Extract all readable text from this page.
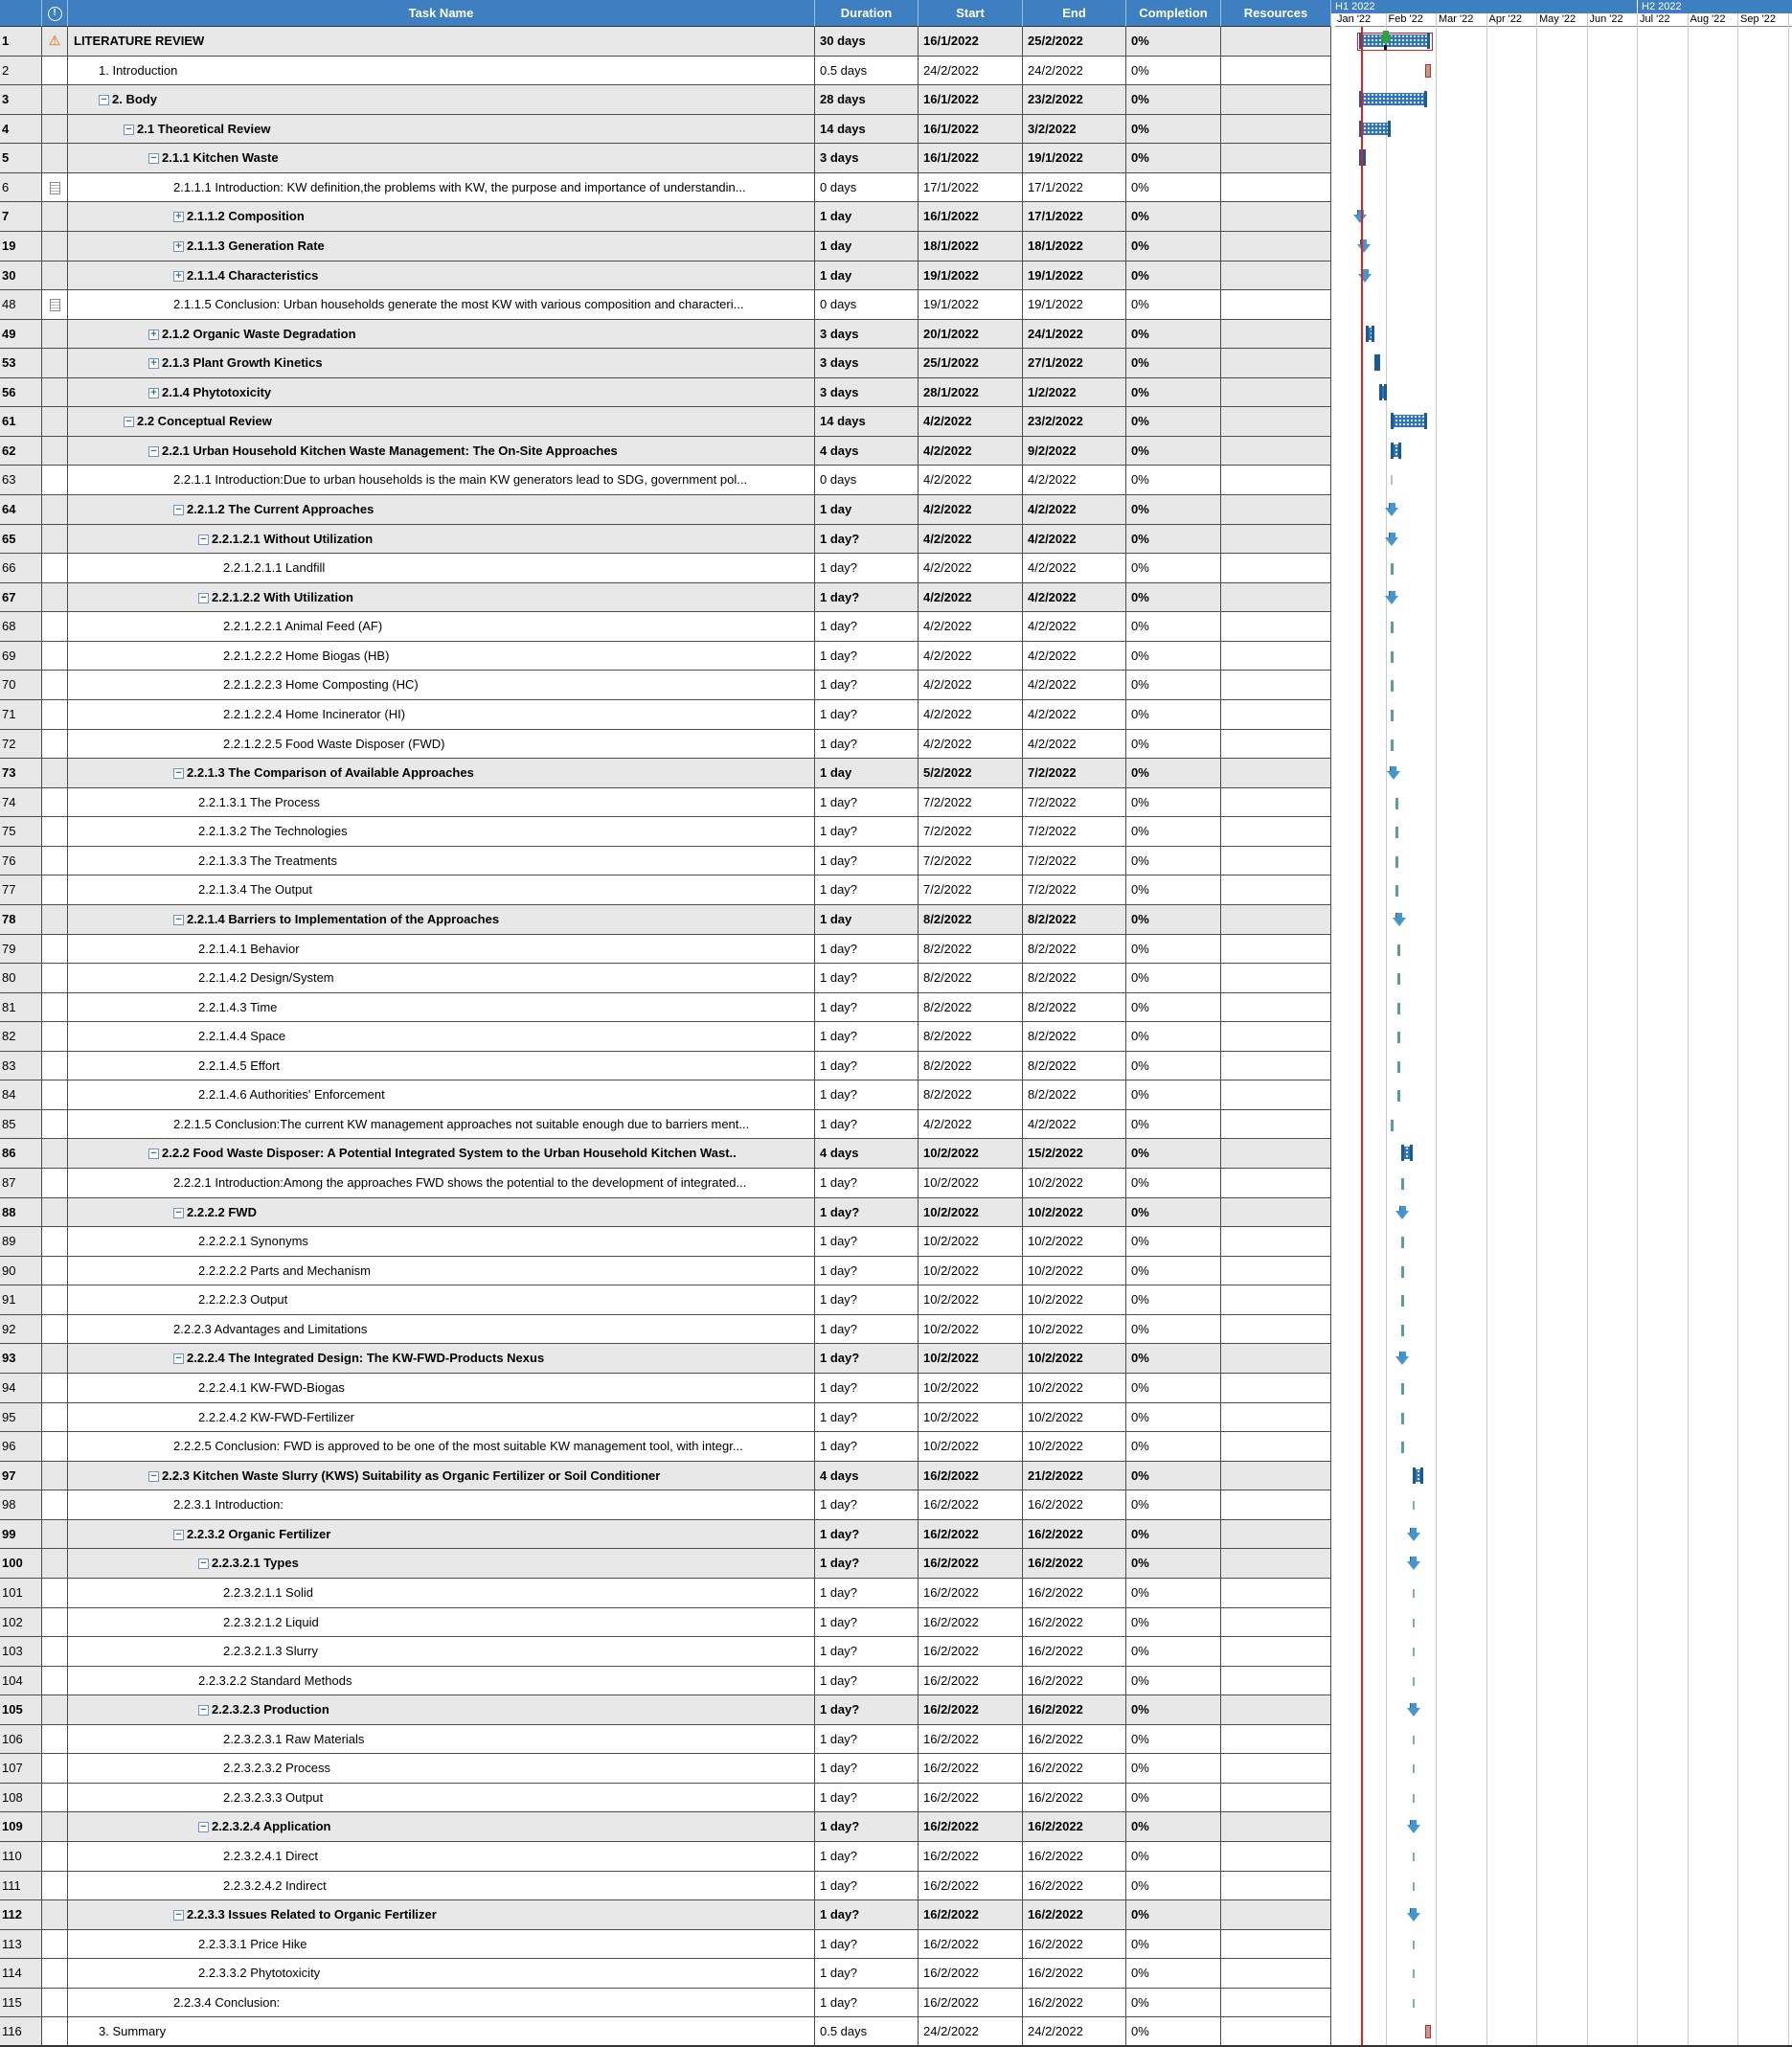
!	Task Name	Duration	Start	End	Completion	Resources	H1 2022	H2 2022
Jan '22	Feb '22	Mar '22	Apr '22	May '22	Jun '22	Jul '22	Aug '22	Sep '22
1	⚠	LITERATURE REVIEW	30 days	16/1/2022	25/2/2022	0%
2	1. Introduction	0.5 days	24/2/2022	24/2/2022	0%
3	− 2. Body	28 days	16/1/2022	23/2/2022	0%
4	− 2.1 Theoretical Review	14 days	16/1/2022	3/2/2022	0%
5	− 2.1.1 Kitchen Waste	3 days	16/1/2022	19/1/2022	0%
6	2.1.1.1 Introduction: KW definition,the problems with KW, the purpose and importance of understandin...	0 days	17/1/2022	17/1/2022	0%
7	+ 2.1.1.2 Composition	1 day	16/1/2022	17/1/2022	0%
19	+ 2.1.1.3 Generation Rate	1 day	18/1/2022	18/1/2022	0%
30	+ 2.1.1.4 Characteristics	1 day	19/1/2022	19/1/2022	0%
48	2.1.1.5 Conclusion: Urban households generate the most KW with various composition and characteri...	0 days	19/1/2022	19/1/2022	0%
49	+ 2.1.2 Organic Waste Degradation	3 days	20/1/2022	24/1/2022	0%
53	+ 2.1.3 Plant Growth Kinetics	3 days	25/1/2022	27/1/2022	0%
56	+ 2.1.4 Phytotoxicity	3 days	28/1/2022	1/2/2022	0%
61	− 2.2 Conceptual Review	14 days	4/2/2022	23/2/2022	0%
62	− 2.2.1 Urban Household Kitchen Waste Management: The On-Site Approaches	4 days	4/2/2022	9/2/2022	0%
63	2.2.1.1 Introduction:Due to urban households is the main KW generators lead to SDG, government pol...	0 days	4/2/2022	4/2/2022	0%
64	− 2.2.1.2 The Current Approaches	1 day	4/2/2022	4/2/2022	0%
65	− 2.2.1.2.1 Without Utilization	1 day?	4/2/2022	4/2/2022	0%
66	2.2.1.2.1.1 Landfill	1 day?	4/2/2022	4/2/2022	0%
67	− 2.2.1.2.2 With Utilization	1 day?	4/2/2022	4/2/2022	0%
68	2.2.1.2.2.1 Animal Feed (AF)	1 day?	4/2/2022	4/2/2022	0%
69	2.2.1.2.2.2 Home Biogas (HB)	1 day?	4/2/2022	4/2/2022	0%
70	2.2.1.2.2.3 Home Composting (HC)	1 day?	4/2/2022	4/2/2022	0%
71	2.2.1.2.2.4 Home Incinerator (HI)	1 day?	4/2/2022	4/2/2022	0%
72	2.2.1.2.2.5 Food Waste Disposer (FWD)	1 day?	4/2/2022	4/2/2022	0%
73	− 2.2.1.3 The Comparison of Available Approaches	1 day	5/2/2022	7/2/2022	0%
74	2.2.1.3.1 The Process	1 day?	7/2/2022	7/2/2022	0%
75	2.2.1.3.2 The Technologies	1 day?	7/2/2022	7/2/2022	0%
76	2.2.1.3.3 The Treatments	1 day?	7/2/2022	7/2/2022	0%
77	2.2.1.3.4 The Output	1 day?	7/2/2022	7/2/2022	0%
78	− 2.2.1.4 Barriers to Implementation of the Approaches	1 day	8/2/2022	8/2/2022	0%
79	2.2.1.4.1 Behavior	1 day?	8/2/2022	8/2/2022	0%
80	2.2.1.4.2 Design/System	1 day?	8/2/2022	8/2/2022	0%
81	2.2.1.4.3 Time	1 day?	8/2/2022	8/2/2022	0%
82	2.2.1.4.4 Space	1 day?	8/2/2022	8/2/2022	0%
83	2.2.1.4.5 Effort	1 day?	8/2/2022	8/2/2022	0%
84	2.2.1.4.6 Authorities' Enforcement	1 day?	8/2/2022	8/2/2022	0%
85	2.2.1.5 Conclusion:The current KW management approaches not suitable enough due to barriers ment...	1 day?	4/2/2022	4/2/2022	0%
86	− 2.2.2 Food Waste Disposer: A Potential Integrated System to the Urban Household Kitchen Wast..	4 days	10/2/2022	15/2/2022	0%
87	2.2.2.1 Introduction:Among the approaches FWD shows the potential to the development of integrated...	1 day?	10/2/2022	10/2/2022	0%
88	− 2.2.2.2 FWD	1 day?	10/2/2022	10/2/2022	0%
89	2.2.2.2.1 Synonyms	1 day?	10/2/2022	10/2/2022	0%
90	2.2.2.2.2 Parts and Mechanism	1 day?	10/2/2022	10/2/2022	0%
91	2.2.2.2.3 Output	1 day?	10/2/2022	10/2/2022	0%
92	2.2.2.3 Advantages and Limitations	1 day?	10/2/2022	10/2/2022	0%
93	− 2.2.2.4 The Integrated Design: The KW-FWD-Products Nexus	1 day?	10/2/2022	10/2/2022	0%
94	2.2.2.4.1 KW-FWD-Biogas	1 day?	10/2/2022	10/2/2022	0%
95	2.2.2.4.2 KW-FWD-Fertilizer	1 day?	10/2/2022	10/2/2022	0%
96	2.2.2.5 Conclusion: FWD is approved to be one of the most suitable KW management tool, with integr...	1 day?	10/2/2022	10/2/2022	0%
97	− 2.2.3 Kitchen Waste Slurry (KWS) Suitability as Organic Fertilizer or Soil Conditioner	4 days	16/2/2022	21/2/2022	0%
98	2.2.3.1 Introduction:	1 day?	16/2/2022	16/2/2022	0%
99	− 2.2.3.2 Organic Fertilizer	1 day?	16/2/2022	16/2/2022	0%
100	− 2.2.3.2.1 Types	1 day?	16/2/2022	16/2/2022	0%
101	2.2.3.2.1.1 Solid	1 day?	16/2/2022	16/2/2022	0%
102	2.2.3.2.1.2 Liquid	1 day?	16/2/2022	16/2/2022	0%
103	2.2.3.2.1.3 Slurry	1 day?	16/2/2022	16/2/2022	0%
104	2.2.3.2.2 Standard Methods	1 day?	16/2/2022	16/2/2022	0%
105	− 2.2.3.2.3 Production	1 day?	16/2/2022	16/2/2022	0%
106	2.2.3.2.3.1 Raw Materials	1 day?	16/2/2022	16/2/2022	0%
107	2.2.3.2.3.2 Process	1 day?	16/2/2022	16/2/2022	0%
108	2.2.3.2.3.3 Output	1 day?	16/2/2022	16/2/2022	0%
109	− 2.2.3.2.4 Application	1 day?	16/2/2022	16/2/2022	0%
110	2.2.3.2.4.1 Direct	1 day?	16/2/2022	16/2/2022	0%
111	2.2.3.2.4.2 Indirect	1 day?	16/2/2022	16/2/2022	0%
112	− 2.2.3.3 Issues Related to Organic Fertilizer	1 day?	16/2/2022	16/2/2022	0%
113	2.2.3.3.1 Price Hike	1 day?	16/2/2022	16/2/2022	0%
114	2.2.3.3.2 Phytotoxicity	1 day?	16/2/2022	16/2/2022	0%
115	2.2.3.4 Conclusion:	1 day?	16/2/2022	16/2/2022	0%
116	3. Summary	0.5 days	24/2/2022	24/2/2022	0%
